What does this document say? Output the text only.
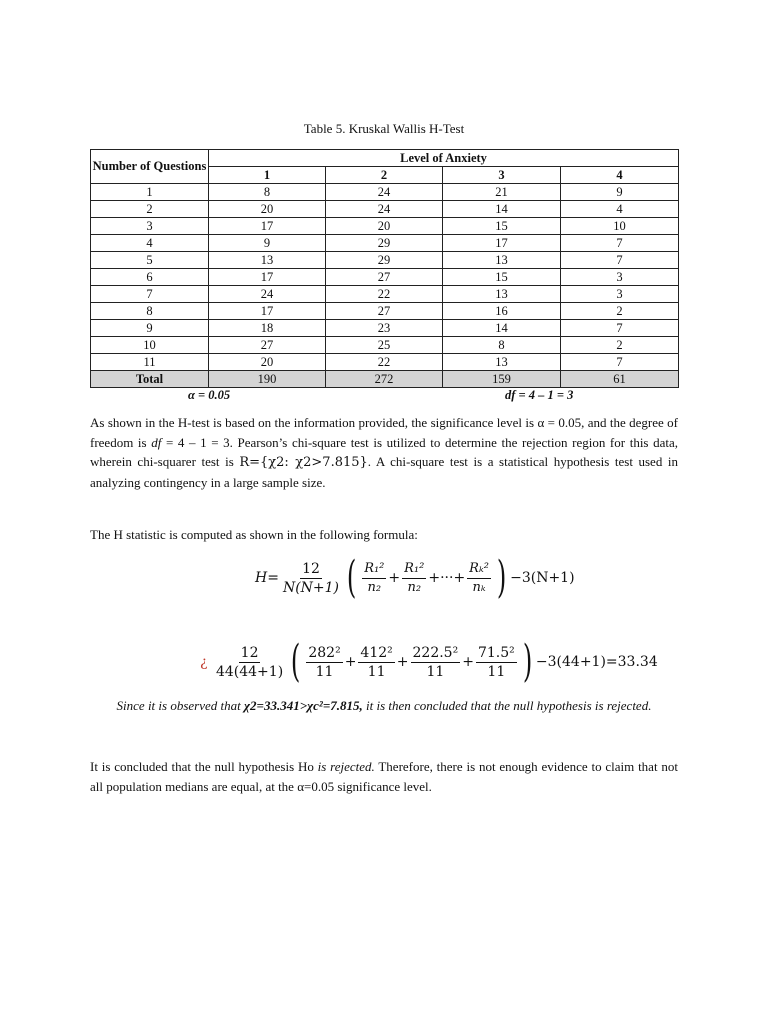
Table 5. Kruskal Wallis H-Test
Number of Questions	Level of Anxiety			
	1	2	3	4
1	8	24	21	9
2	20	24	14	4
3	17	20	15	10
4	9	29	17	7
5	13	29	13	7
6	17	27	15	3
7	24	22	13	3
8	17	27	16	2
9	18	23	14	7
10	27	25	8	2
11	20	22	13	7
Total	190	272	159	61
α = 0.05	df = 4 – 1 = 3
As shown in the H-test is based on the information provided, the significance level is α = 0.05, and the degree of freedom is df = 4 – 1 = 3. Pearson’s chi-square test is utilized to determine the rejection region for this data, wherein chi-squarer test is R={χ2: χ2>7.815}. A chi-square test is a statistical hypothesis test used in analyzing contingency in a large sample size.
The H statistic is computed as shown in the following formula:
$H= \frac{12}{N(N+1)}$ ( $\frac{\text{R₁²}}{\text{n₂}} + \frac{\text{R₁²}}{\text{n₂}}$ +···+ $\frac{\text{Rₖ²}}{\text{nₖ}}$ ) −3(N+1)
¿ $\frac{12}{44(44+1)}$ ( $\frac{\text{282²}}{11} + \frac{\text{412²}}{11} + \frac{\text{222.5²}}{11} + \frac{\text{71.5²}}{11}$ ) −3(44+1)=33.34
Since it is observed that χ2=33.341>χc²=7.815, it is then concluded that the null hypothesis is rejected.
It is concluded that the null hypothesis Ho is rejected. Therefore, there is not enough evidence to claim that not all population medians are equal, at the α=0.05 significance level.
